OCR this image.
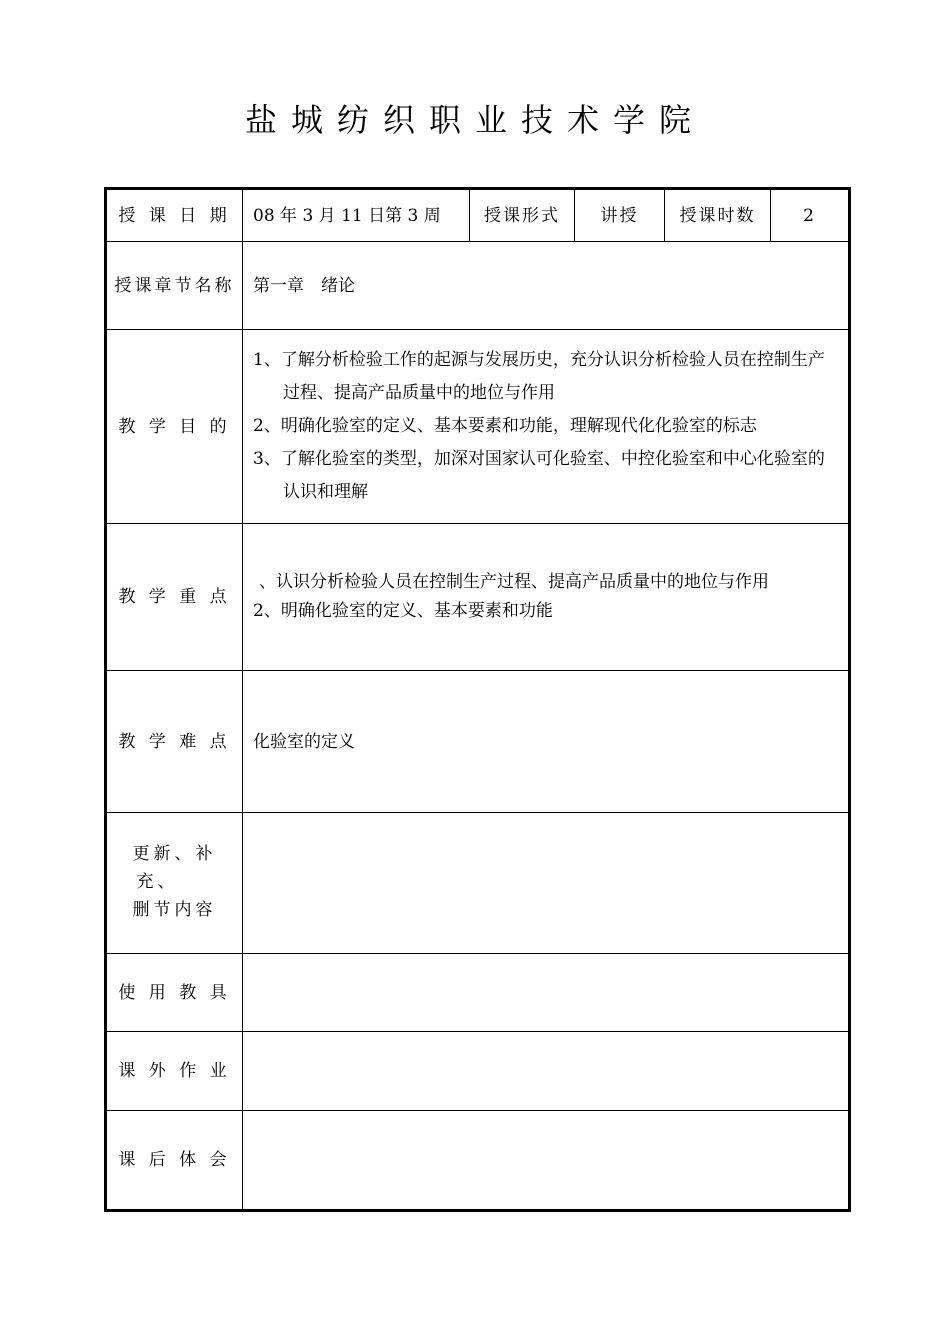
盐城纺织职业技术学院
授 课 日 期	08 年 3 月 11 日第 3 周	授课形式	讲授	授课时数	2
授课章节名称	第一章　绪论				
教 学 目 的	1、了解分析检验工作的起源与发展历史，充分认识分析检验人员在控制生产过程、提高产品质量中的地位与作用
2、明确化验室的定义、基本要素和功能，理解现代化化验室的标志
3、了解化验室的类型，加深对国家认可化验室、中控化验室和中心化验室的认识和理解				

教 学 重 点	、认识分析检验人员在控制生产过程、提高产品质量中的地位与作用
2、明确化验室的定义、基本要素和功能				

教 学 难 点	化验室的定义				

更新、补
充、
删节内容					

使 用 教 具					
课 外 作 业					
课 后 体 会					
